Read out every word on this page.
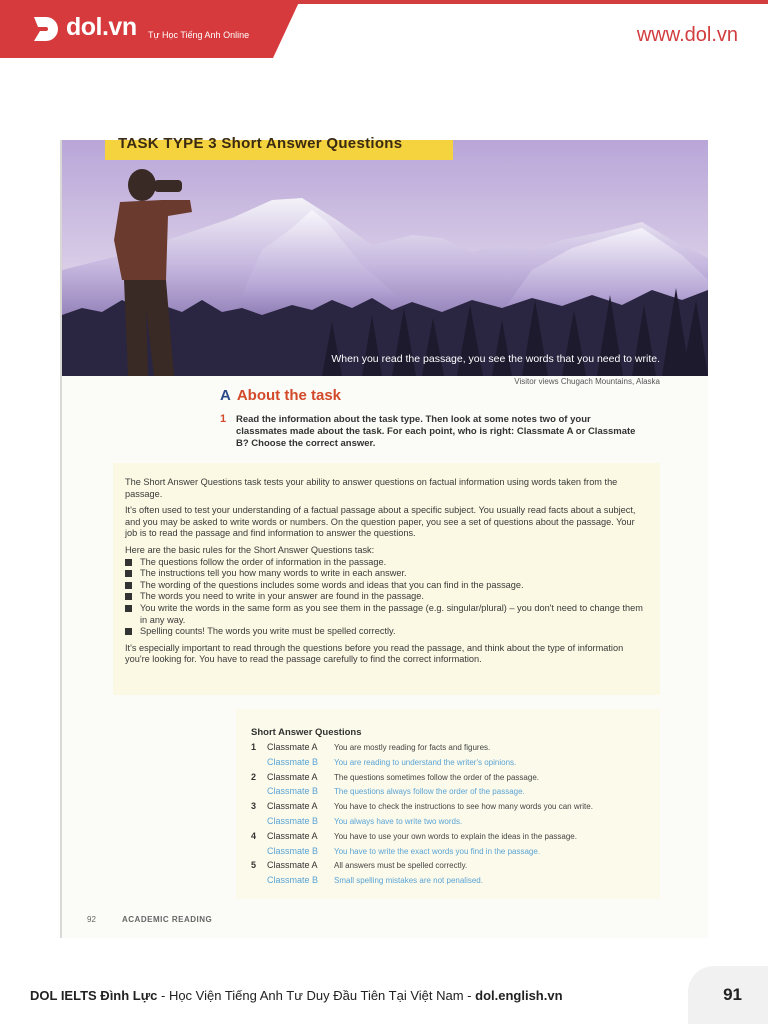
dol.vn Tự Học Tiếng Anh Online	www.dol.vn
TASK TYPE 3 Short Answer Questions
When you read the passage, you see the words that you need to write.
Visitor views Chugach Mountains, Alaska
A About the task
1 Read the information about the task type. Then look at some notes two of your classmates made about the task. For each point, who is right: Classmate A or Classmate B? Choose the correct answer.

The Short Answer Questions task tests your ability to answer questions on factual information using words taken from the passage.

It's often used to test your understanding of a factual passage about a specific subject. You usually read facts about a subject, and you may be asked to write words or numbers. On the question paper, you see a set of questions about the passage. Your job is to read the passage and find information to answer the questions.

Here are the basic rules for the Short Answer Questions task:

The questions follow the order of information in the passage.
The instructions tell you how many words to write in each answer.
The wording of the questions includes some words and ideas that you can find in the passage.
The words you need to write in your answer are found in the passage.
You write the words in the same form as you see them in the passage (e.g. singular/plural) – you don't need to change them in any way.
Spelling counts! The words you write must be spelled correctly.

It's especially important to read through the questions before you read the passage, and think about the type of information you're looking for. You have to read the passage carefully to find the correct information.

Short Answer Questions
1	Classmate A You are mostly reading for facts and figures.
Classmate B You are reading to understand the writer's opinions.
2	Classmate A The questions sometimes follow the order of the passage.
Classmate B The questions always follow the order of the passage.
3	Classmate A You have to check the instructions to see how many words you can write.
Classmate B You always have to write two words.
4	Classmate A You have to use your own words to explain the ideas in the passage.
Classmate B You have to write the exact words you find in the passage.
5	Classmate A All answers must be spelled correctly.
Classmate B Small spelling mistakes are not penalised.
92	ACADEMIC READING
DOL IELTS Đình Lực - Học Viện Tiếng Anh Tư Duy Đầu Tiên Tại Việt Nam - dol.english.vn	91
